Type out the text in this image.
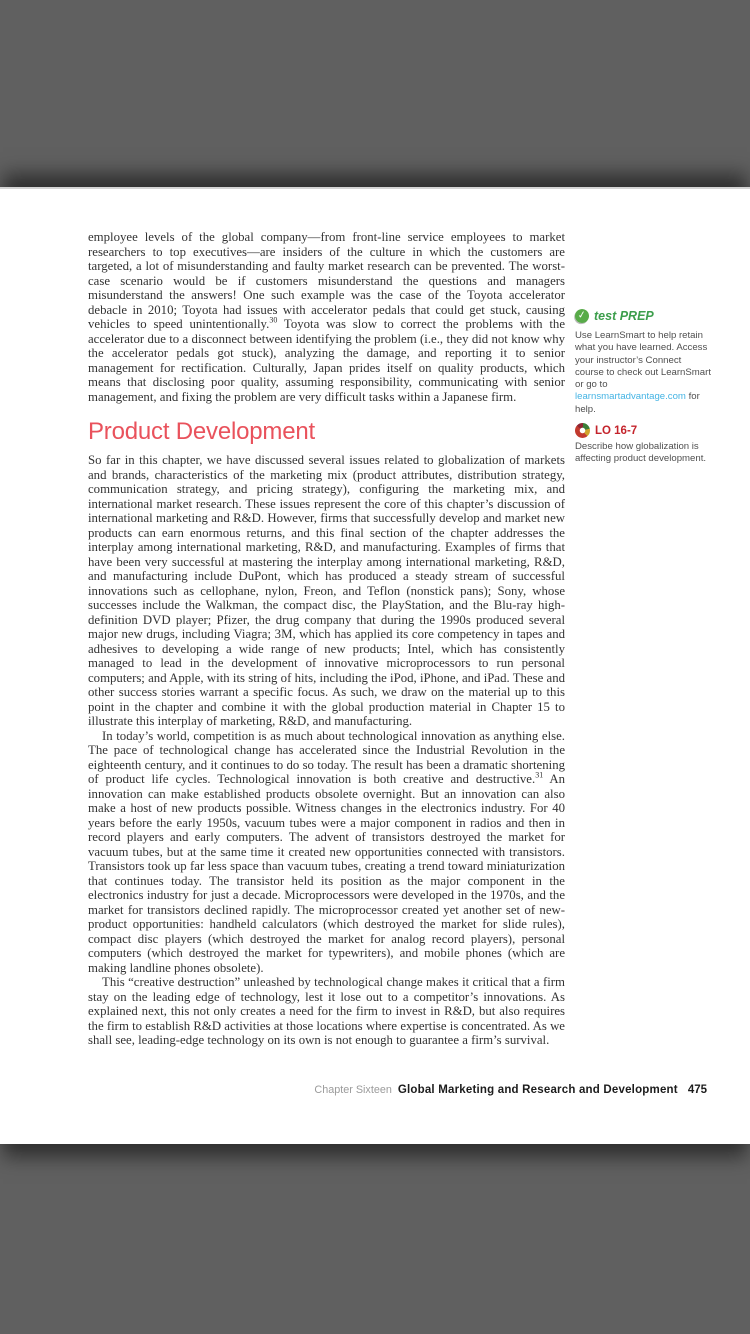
employee levels of the global company—from front-line service employees to market researchers to top executives—are insiders of the culture in which the customers are targeted, a lot of misunderstanding and faulty market research can be prevented. The worst-case scenario would be if customers misunderstand the questions and managers misunderstand the answers! One such example was the case of the Toyota accelerator debacle in 2010; Toyota had issues with accelerator pedals that could get stuck, causing vehicles to speed unintentionally.$^{30}$ Toyota was slow to correct the problems with the accelerator due to a disconnect between identifying the problem (i.e., they did not know why the accelerator pedals got stuck), analyzing the damage, and reporting it to senior management for rectification. Culturally, Japan prides itself on quality products, which means that disclosing poor quality, assuming responsibility, communicating with senior management, and fixing the problem are very difficult tasks within a Japanese firm.

Product Development

So far in this chapter, we have discussed several issues related to globalization of markets and brands, characteristics of the marketing mix (product attributes, distribution strategy, communication strategy, and pricing strategy), configuring the marketing mix, and international market research. These issues represent the core of this chapter’s discussion of international marketing and R&D. However, firms that successfully develop and market new products can earn enormous returns, and this final section of the chapter addresses the interplay among international marketing, R&D, and manufacturing. Examples of firms that have been very successful at mastering the interplay among international marketing, R&D, and manufacturing include DuPont, which has produced a steady stream of successful innovations such as cellophane, nylon, Freon, and Teflon (nonstick pans); Sony, whose successes include the Walkman, the compact disc, the PlayStation, and the Blu-ray high-definition DVD player; Pfizer, the drug company that during the 1990s produced several major new drugs, including Viagra; 3M, which has applied its core competency in tapes and adhesives to developing a wide range of new products; Intel, which has consistently managed to lead in the development of innovative microprocessors to run personal computers; and Apple, with its string of hits, including the iPod, iPhone, and iPad. These and other success stories warrant a specific focus. As such, we draw on the material up to this point in the chapter and combine it with the global production material in Chapter 15 to illustrate this interplay of marketing, R&D, and manufacturing.

In today’s world, competition is as much about technological innovation as anything else. The pace of technological change has accelerated since the Industrial Revolution in the eighteenth century, and it continues to do so today. The result has been a dramatic shortening of product life cycles. Technological innovation is both creative and destructive.$^{31}$ An innovation can make established products obsolete overnight. But an innovation can also make a host of new products possible. Witness changes in the electronics industry. For 40 years before the early 1950s, vacuum tubes were a major component in radios and then in record players and early computers. The advent of transistors destroyed the market for vacuum tubes, but at the same time it created new opportunities connected with transistors. Transistors took up far less space than vacuum tubes, creating a trend toward miniaturization that continues today. The transistor held its position as the major component in the electronics industry for just a decade. Microprocessors were developed in the 1970s, and the market for transistors declined rapidly. The microprocessor created yet another set of new-product opportunities: handheld calculators (which destroyed the market for slide rules), compact disc players (which destroyed the market for analog record players), personal computers (which destroyed the market for typewriters), and mobile phones (which are making landline phones obsolete).

This “creative destruction” unleashed by technological change makes it critical that a firm stay on the leading edge of technology, lest it lose out to a competitor’s innovations. As explained next, this not only creates a need for the firm to invest in R&D, but also requires the firm to establish R&D activities at those locations where expertise is concentrated. As we shall see, leading-edge technology on its own is not enough to guarantee a firm’s survival.

✓ test PREP
Use LearnSmart to help retain what you have learned. Access your instructor’s Connect course to check out LearnSmart or go to learnsmartadvantage.com for help.
LO 16-7
Describe how globalization is affecting product development.
Chapter Sixteen Global Marketing and Research and Development 475
